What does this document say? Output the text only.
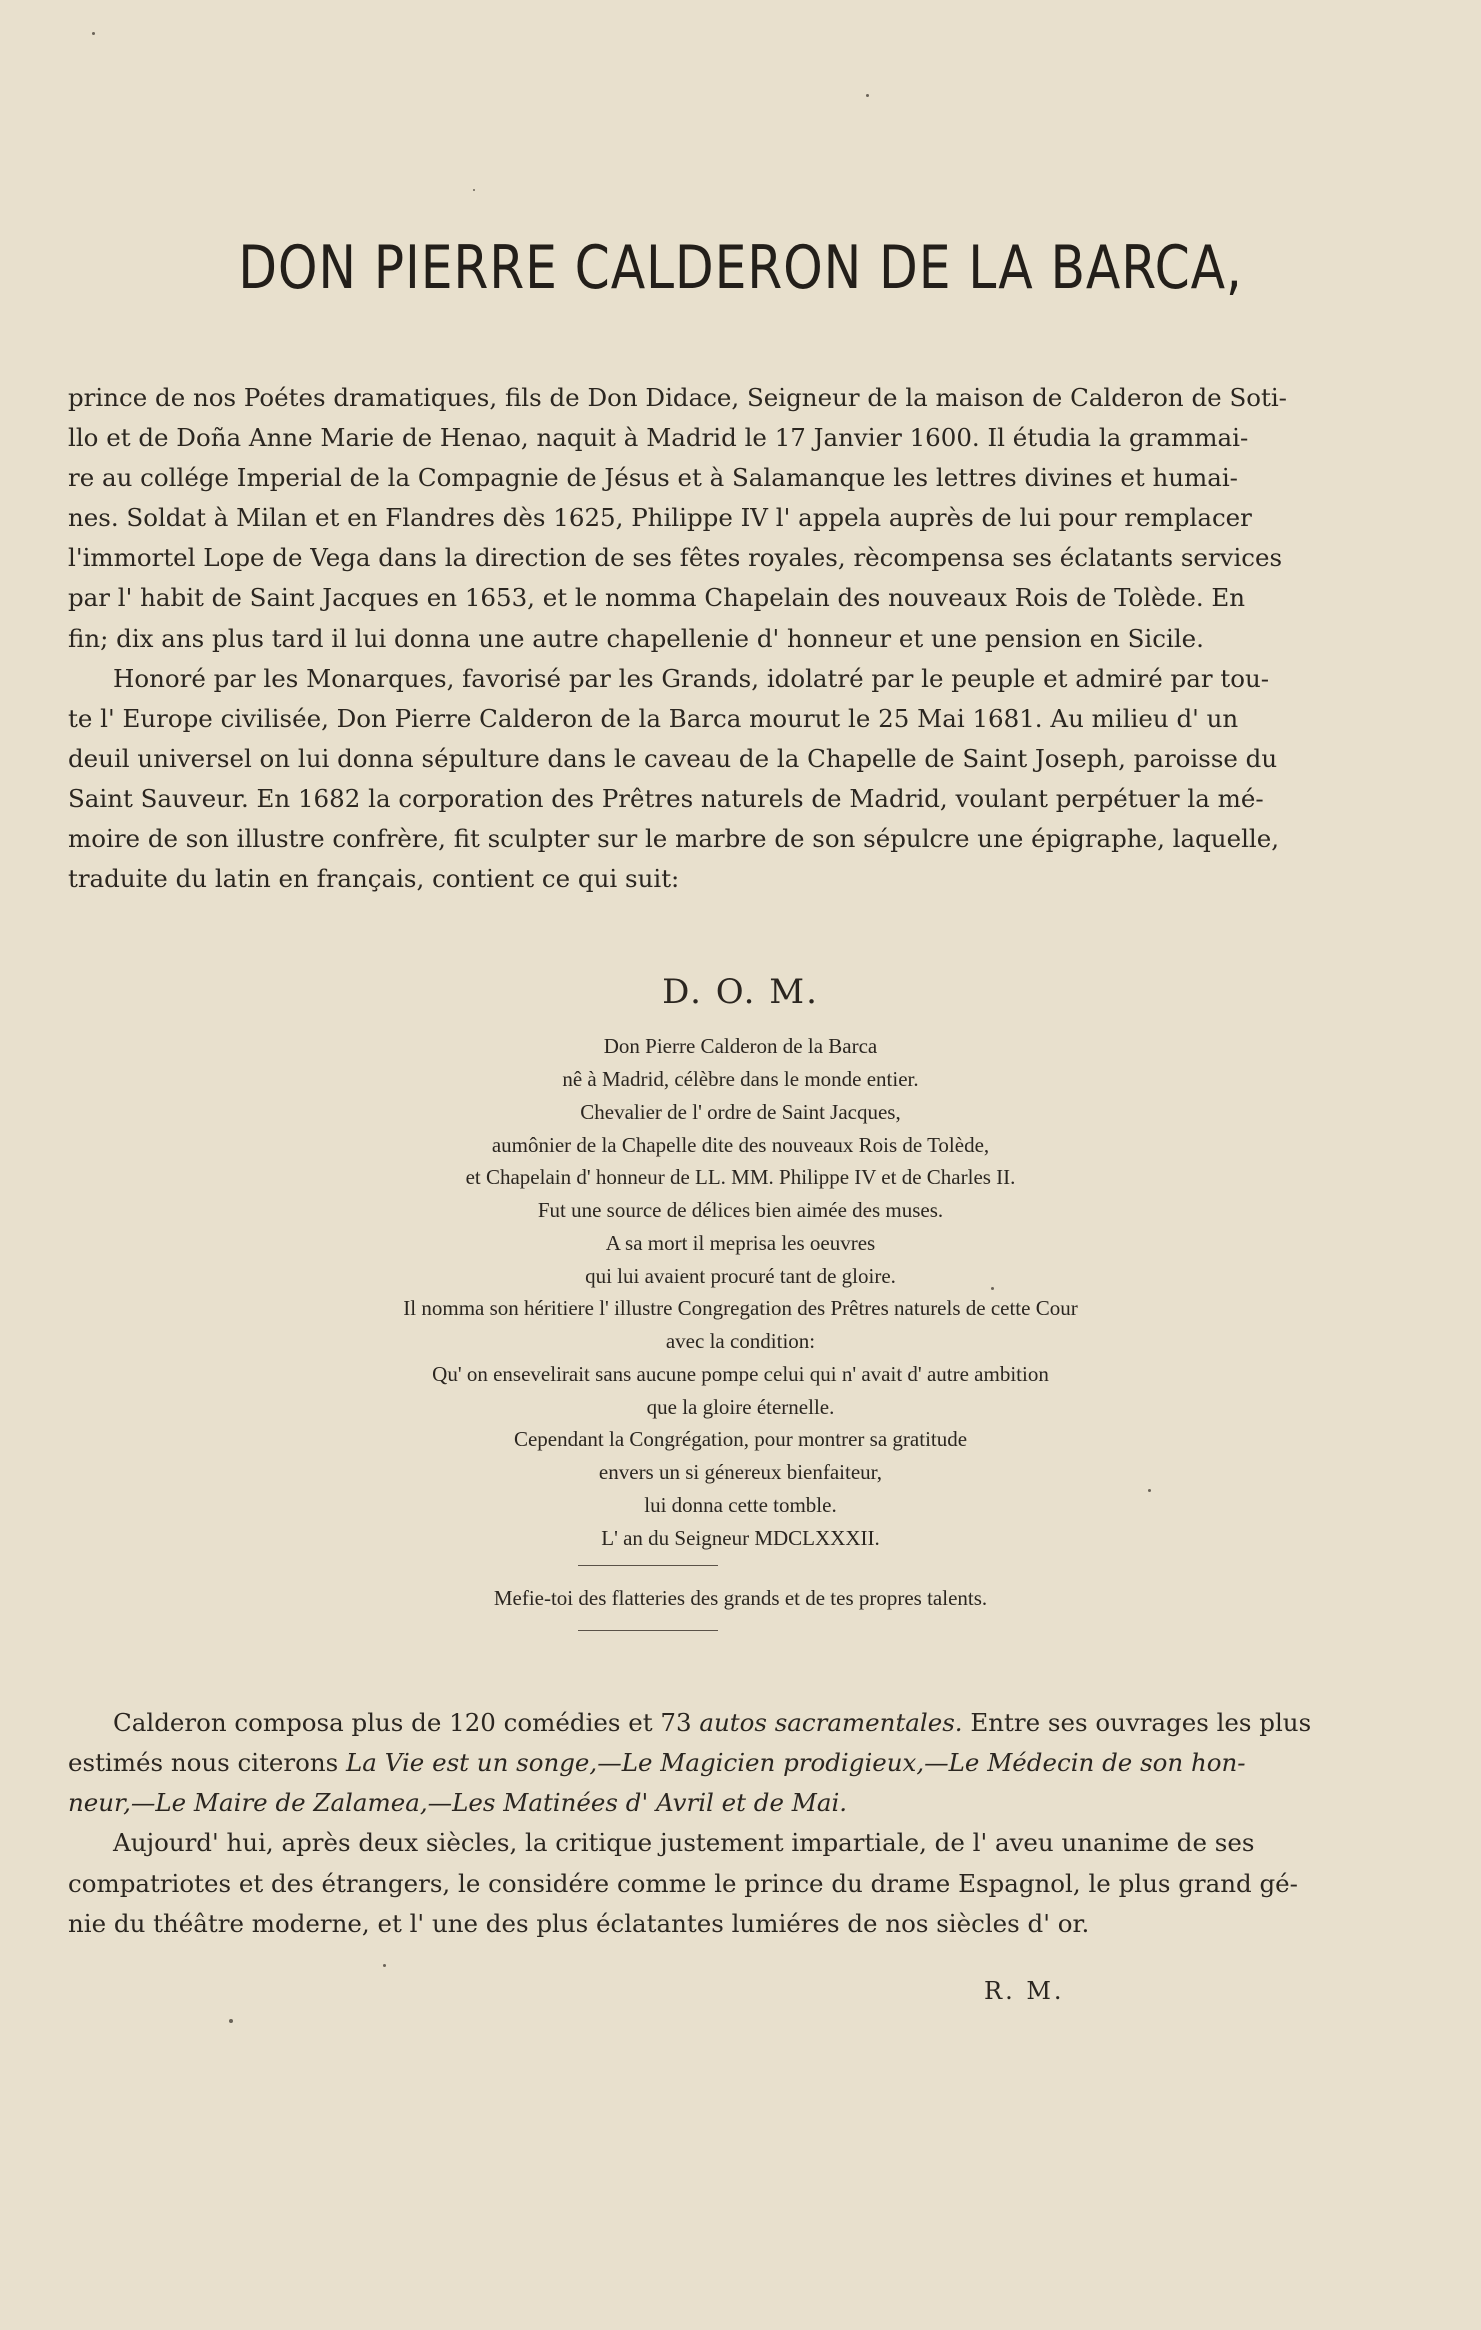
DON PIERRE CALDERON DE LA BARCA,
prince de nos Poétes dramatiques, fils de Don Didace, Seigneur de la maison de Calderon de Soti-
llo et de Doña Anne Marie de Henao, naquit à Madrid le 17 Janvier 1600. Il étudia la grammai-
re au collége Imperial de la Compagnie de Jésus et à Salamanque les lettres divines et humai-
nes. Soldat à Milan et en Flandres dès 1625, Philippe IV l' appela auprès de lui pour remplacer
l'immortel Lope de Vega dans la direction de ses fêtes royales, rècompensa ses éclatants services
par l' habit de Saint Jacques en 1653, et le nomma Chapelain des nouveaux Rois de Tolède. En
fin; dix ans plus tard il lui donna une autre chapellenie d' honneur et une pension en Sicile.
Honoré par les Monarques, favorisé par les Grands, idolatré par le peuple et admiré par tou-
te l' Europe civilisée, Don Pierre Calderon de la Barca mourut le 25 Mai 1681. Au milieu d' un
deuil universel on lui donna sépulture dans le caveau de la Chapelle de Saint Joseph, paroisse du
Saint Sauveur. En 1682 la corporation des Prêtres naturels de Madrid, voulant perpétuer la mé-
moire de son illustre confrère, fit sculpter sur le marbre de son sépulcre une épigraphe, laquelle,
traduite du latin en français, contient ce qui suit:
D. O. M.
Don Pierre Calderon de la Barca
nê à Madrid, célèbre dans le monde entier.
Chevalier de l' ordre de Saint Jacques,
aumônier de la Chapelle dite des nouveaux Rois de Tolède,
et Chapelain d' honneur de LL. MM. Philippe IV et de Charles II.
Fut une source de délices bien aimée des muses.
A sa mort il meprisa les oeuvres
qui lui avaient procuré tant de gloire.
Il nomma son héritiere l' illustre Congregation des Prêtres naturels de cette Cour
avec la condition:
Qu' on ensevelirait sans aucune pompe celui qui n' avait d' autre ambition
que la gloire éternelle.
Cependant la Congrégation, pour montrer sa gratitude
envers un si génereux bienfaiteur,
lui donna cette tomble.
L' an du Seigneur MDCLXXXII.
Mefie-toi des flatteries des grands et de tes propres talents.
Calderon composa plus de 120 comédies et 73 autos sacramentales. Entre ses ouvrages les plus
estimés nous citerons La Vie est un songe,—Le Magicien prodigieux,—Le Médecin de son hon-
neur,—Le Maire de Zalamea,—Les Matinées d' Avril et de Mai.
Aujourd' hui, après deux siècles, la critique justement impartiale, de l' aveu unanime de ses
compatriotes et des étrangers, le considére comme le prince du drame Espagnol, le plus grand gé-
nie du théâtre moderne, et l' une des plus éclatantes lumiéres de nos siècles d' or.
R. M.
